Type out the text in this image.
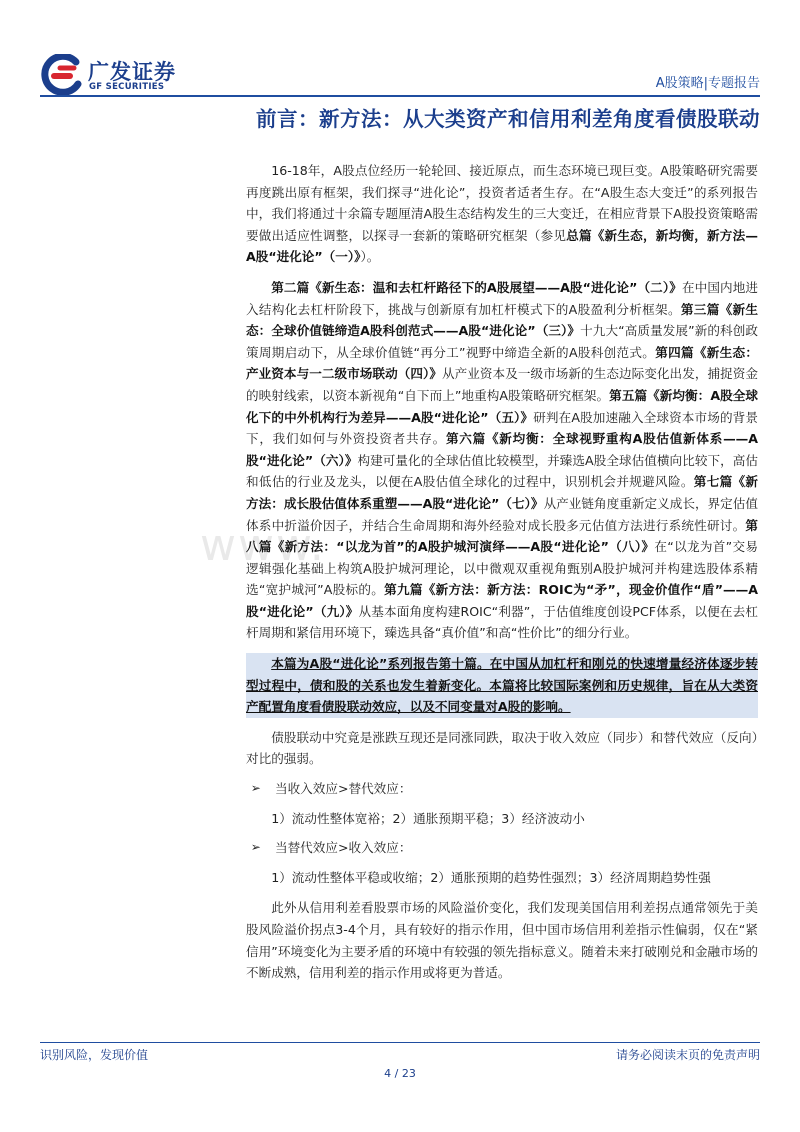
www.
广发证券
GF SECURITIES	A股策略|专题报告
前言：新方法：从大类资产和信用利差角度看债股联动

16-18年，A股点位经历一轮轮回、接近原点，而生态环境已现巨变。A股策略研究需要再度跳出原有框架，我们探寻“进化论”，投资者适者生存。在“A股生态大变迁”的系列报告中，我们将通过十余篇专题厘清A股生态结构发生的三大变迁，在相应背景下A股投资策略需要做出适应性调整，以探寻一套新的策略研究框架（参见总篇《新生态，新均衡，新方法—A股“进化论”（一）》）。

第二篇《新生态：温和去杠杆路径下的A股展望——A股“进化论”（二）》在中国内地进入结构化去杠杆阶段下，挑战与创新原有加杠杆模式下的A股盈利分析框架。第三篇《新生态：全球价值链缔造A股科创范式——A股“进化论”（三）》十九大“高质量发展”新的科创政策周期启动下，从全球价值链“再分工”视野中缔造全新的A股科创范式。第四篇《新生态：产业资本与一二级市场联动（四）》从产业资本及一级市场新的生态边际变化出发，捕捉资金的映射线索，以资本新视角“自下而上”地重构A股策略研究框架。第五篇《新均衡：A股全球化下的中外机构行为差异——A股“进化论”（五）》研判在A股加速融入全球资本市场的背景下，我们如何与外资投资者共存。第六篇《新均衡：全球视野重构A股估值新体系——A股“进化论”（六）》构建可量化的全球估值比较模型，并臻选A股全球估值横向比较下，高估和低估的行业及龙头，以便在A股估值全球化的过程中，识别机会并规避风险。第七篇《新方法：成长股估值体系重塑——A股“进化论”（七）》从产业链角度重新定义成长，界定估值体系中折溢价因子，并结合生命周期和海外经验对成长股多元估值方法进行系统性研讨。第八篇《新方法：“以龙为首”的A股护城河演绎——A股“进化论”（八）》在“以龙为首”交易逻辑强化基础上构筑A股护城河理论，以中微观双重视角甄别A股护城河并构建选股体系精选“宽护城河”A股标的。第九篇《新方法：新方法：ROIC为“矛”，现金价值作“盾”——A股“进化论”（九）》从基本面角度构建ROIC“利器”，于估值维度创设PCF体系，以便在去杠杆周期和紧信用环境下，臻选具备“真价值”和高“性价比”的细分行业。

本篇为A股“进化论”系列报告第十篇。在中国从加杠杆和刚兑的快速增量经济体逐步转型过程中，债和股的关系也发生着新变化。本篇将比较国际案例和历史规律，旨在从大类资产配置角度看债股联动效应，以及不同变量对A股的影响。

债股联动中究竟是涨跌互现还是同涨同跌，取决于收入效应（同步）和替代效应（反向）对比的强弱。

➢ 当收入效应>替代效应：

1）流动性整体宽裕；2）通胀预期平稳；3）经济波动小

➢ 当替代效应>收入效应：

1）流动性整体平稳或收缩；2）通胀预期的趋势性强烈；3）经济周期趋势性强

此外从信用利差看股票市场的风险溢价变化，我们发现美国信用利差拐点通常领先于美股风险溢价拐点3-4个月，具有较好的指示作用，但中国市场信用利差指示性偏弱，仅在“紧信用”环境变化为主要矛盾的环境中有较强的领先指标意义。随着未来打破刚兑和金融市场的不断成熟，信用利差的指示作用或将更为普适。

识别风险，发现价值	请务必阅读末页的免责声明
4 / 23
